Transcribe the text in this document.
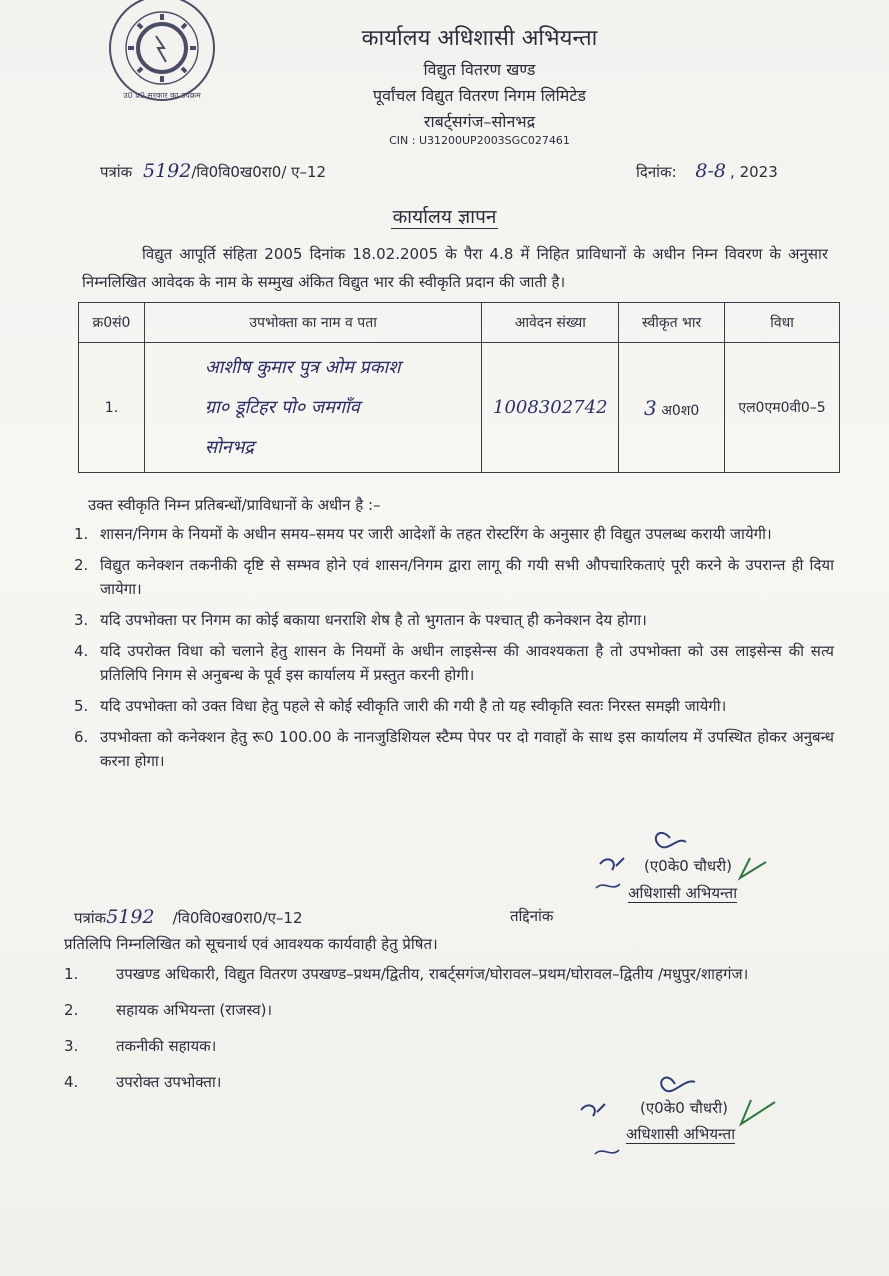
उ0 प्र0 सरकार का उपक्रम
कार्यालय अधिशासी अभियन्ता
विद्युत वितरण खण्ड
पूर्वांचल विद्युत वितरण निगम लिमिटेड
राबर्ट्सगंज–सोनभद्र
CIN : U31200UP2003SGC027461
पत्रांक 5192/वि0वि0ख0रा0/ ए–12	दिनांक: 8-8 , 2023
कार्यालय ज्ञापन
विद्युत आपूर्ति संहिता 2005 दिनांक 18.02.2005 के पैरा 4.8 में निहित प्राविधानों के अधीन निम्न विवरण के अनुसार निम्नलिखित आवेदक के नाम के सम्मुख अंकित विद्युत भार की स्वीकृति प्रदान की जाती है।
क्र0सं0	उपभोक्ता का नाम व पता	आवेदन संख्या	स्वीकृत भार	विधा
1.	आशीष कुमार पुत्र ओम प्रकाश
ग्रा० डूटिहर पो० जमगाँव
सोनभद्र	1008302742	3 अ0श0	एल0एम0वी0–5
उक्त स्वीकृति निम्न प्रतिबन्धों/प्राविधानों के अधीन है :–
1. शासन/निगम के नियमों के अधीन समय–समय पर जारी आदेशों के तहत रोस्टरिंग के अनुसार ही विद्युत उपलब्ध करायी जायेगी।
2. विद्युत कनेक्शन तकनीकी दृष्टि से सम्भव होने एवं शासन/निगम द्वारा लागू की गयी सभी औपचारिकताएं पूरी करने के उपरान्त ही दिया जायेगा।
3. यदि उपभोक्ता पर निगम का कोई बकाया धनराशि शेष है तो भुगतान के पश्चात् ही कनेक्शन देय होगा।
4. यदि उपरोक्त विधा को चलाने हेतु शासन के नियमों के अधीन लाइसेन्स की आवश्यकता है तो उपभोक्ता को उस लाइसेन्स की सत्य प्रतिलिपि निगम से अनुबन्ध के पूर्व इस कार्यालय में प्रस्तुत करनी होगी।
5. यदि उपभोक्ता को उक्त विधा हेतु पहले से कोई स्वीकृति जारी की गयी है तो यह स्वीकृति स्वतः निरस्त समझी जायेगी।
6. उपभोक्ता को कनेक्शन हेतु रू0 100.00 के नानजुडिशियल स्टैम्प पेपर पर दो गवाहों के साथ इस कार्यालय में उपस्थित होकर अनुबन्ध करना होगा।
(ए0के0 चौधरी)
अधिशासी अभियन्ता
पत्रांक5192 /वि0वि0ख0रा0/ए–12	तद्दिनांक
प्रतिलिपि निम्नलिखित को सूचनार्थ एवं आवश्यक कार्यवाही हेतु प्रेषित।
1.	उपखण्ड अधिकारी, विद्युत वितरण उपखण्ड–प्रथम/द्वितीय, राबर्ट्सगंज/घोरावल–प्रथम/घोरावल–द्वितीय /मधुपुर/शाहगंज।
2.	सहायक अभियन्ता (राजस्व)।
3.	तकनीकी सहायक।
4.	उपरोक्त उपभोक्ता।
(ए0के0 चौधरी)
अधिशासी अभियन्ता
